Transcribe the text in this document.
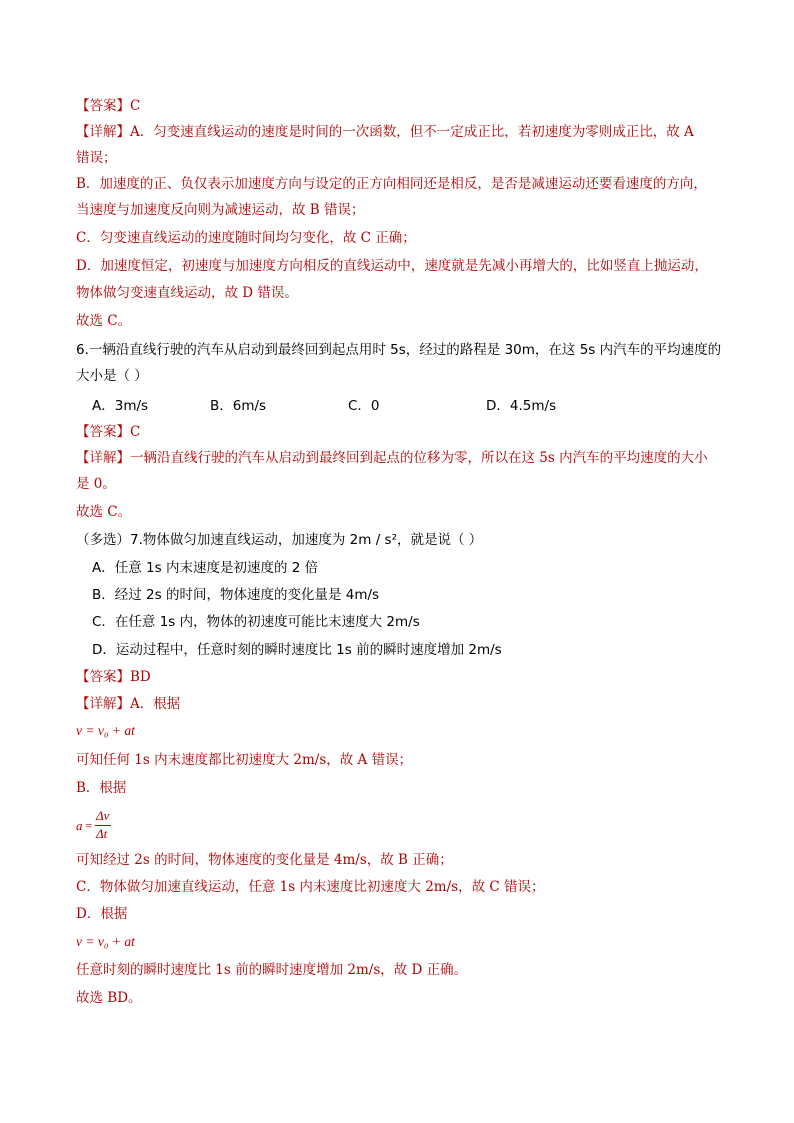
【答案】C
【详解】A．匀变速直线运动的速度是时间的一次函数，但不一定成正比，若初速度为零则成正比，故 A
错误；
B．加速度的正、负仅表示加速度方向与设定的正方向相同还是相反，是否是减速运动还要看速度的方向，
当速度与加速度反向则为减速运动，故 B 错误；
C．匀变速直线运动的速度随时间均匀变化，故 C 正确；
D．加速度恒定，初速度与加速度方向相反的直线运动中，速度就是先减小再增大的，比如竖直上抛运动，
物体做匀变速直线运动，故 D 错误。
故选 C。
6.一辆沿直线行驶的汽车从启动到最终回到起点用时 5s，经过的路程是 30m，在这 5s 内汽车的平均速度的
大小是（ ）
A．3m/s	B．6m/s	C．0	D．4.5m/s
【答案】C
【详解】一辆沿直线行驶的汽车从启动到最终回到起点的位移为零，所以在这 5s 内汽车的平均速度的大小
是 0。
故选 C。
（多选）7.物体做匀加速直线运动，加速度为 2m / s²，就是说（ ）
A．任意 1s 内末速度是初速度的 2 倍
B．经过 2s 的时间，物体速度的变化量是 4m/s
C．在任意 1s 内，物体的初速度可能比末速度大 2m/s
D．运动过程中，任意时刻的瞬时速度比 1s 前的瞬时速度增加 2m/s
【答案】BD
【详解】A．根据
v = v₀ + at
可知任何 1s 内末速度都比初速度大 2m/s，故 A 错误；
B．根据
a =
Δv
Δt
可知经过 2s 的时间，物体速度的变化量是 4m/s，故 B 正确；
C．物体做匀加速直线运动，任意 1s 内末速度比初速度大 2m/s，故 C 错误；
D．根据
v = v₀ + at
任意时刻的瞬时速度比 1s 前的瞬时速度增加 2m/s，故 D 正确。
故选 BD。
